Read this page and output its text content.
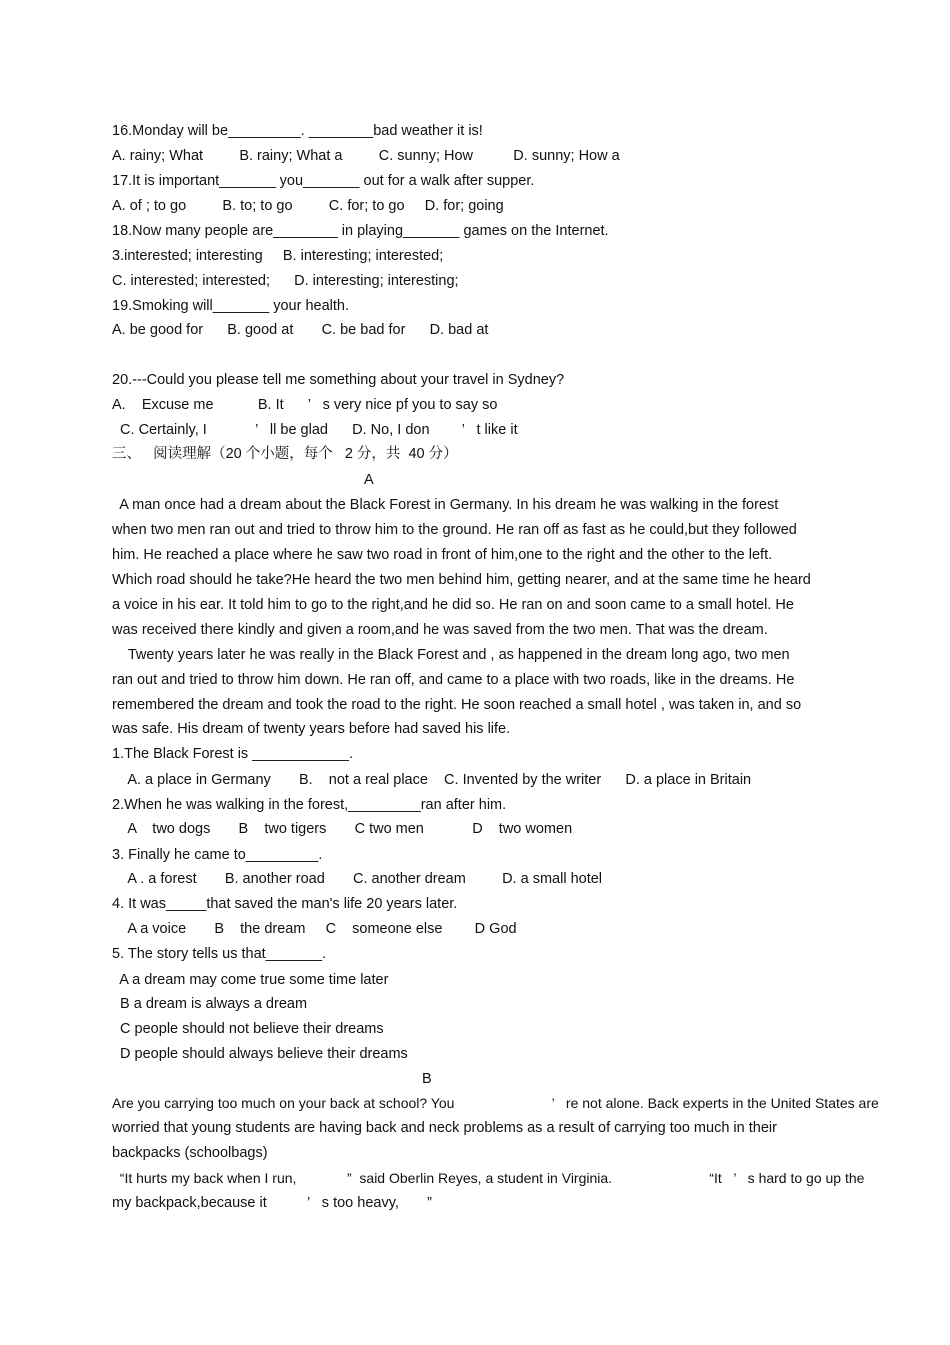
16.Monday will be_________. ________bad weather it is!
A. rainy; What         B. rainy; What a         C. sunny; How          D. sunny; How a
17.It is important_______ you_______ out for a walk after supper.
A. of ; to go         B. to; to go         C. for; to go     D. for; going
18.Now many people are________ in playing_______ games on the Internet.
3.interested; interesting     B. interesting; interested;
C. interested; interested;      D. interesting; interesting;
19.Smoking will_______ your health.
A. be good for      B. good at       C. be bad for      D. bad at
20.---Could you please tell me something about your travel in Sydney?
A.    Excuse me           B. It      ’   s very nice pf you to say so
C. Certainly, I            ’   ll be glad      D. No, I don        ’   t like it
三、   阅读理解（20 个小题，每个   2 分，共  40 分）
A
A man once had a dream about the Black Forest in Germany. In his dream he was walking in the forest
when two men ran out and tried to throw him to the ground. He ran off as fast as he could,but they followed
him. He reached a place where he saw two road in front of him,one to the right and the other to the left.
Which road should he take?He heard the two men behind him, getting nearer, and at the same time he heard
a voice in his ear. It told him to go to the right,and he did so. He ran on and soon came to a small hotel. He
was received there kindly and given a room,and he was saved from the two men. That was the dream.
Twenty years later he was really in the Black Forest and , as happened in the dream long ago, two men
ran out and tried to throw him down. He ran off, and came to a place with two roads, like in the dreams. He
remembered the dream and took the road to the right. He soon reached a small hotel , was taken in, and so
was safe. His dream of twenty years before had saved his life.
1.The Black Forest is ____________.
A. a place in Germany       B.    not a real place    C. Invented by the writer      D. a place in Britain
2.When he was walking in the forest,_________ran after him.
A    two dogs       B    two tigers       C two men            D    two women
3. Finally he came to_________.
A . a forest       B. another road       C. another dream         D. a small hotel
4. It was_____that saved the man's life 20 years later.
A a voice       B    the dream     C    someone else        D God
5. The story tells us that_______.
A a dream may come true some time later
B a dream is always a dream
C people should not believe their dreams
D people should always believe their dreams
B
Are you carrying too much on your back at school? You                         ’   re not alone. Back experts in the United States are
worried that young students are having back and neck problems as a result of carrying too much in their
backpacks (schoolbags)
“It hurts my back when I run,             ”  said Oberlin Reyes, a student in Virginia.                         “It   ’   s hard to go up the
my backpack,because it          ’   s too heavy,       ”
